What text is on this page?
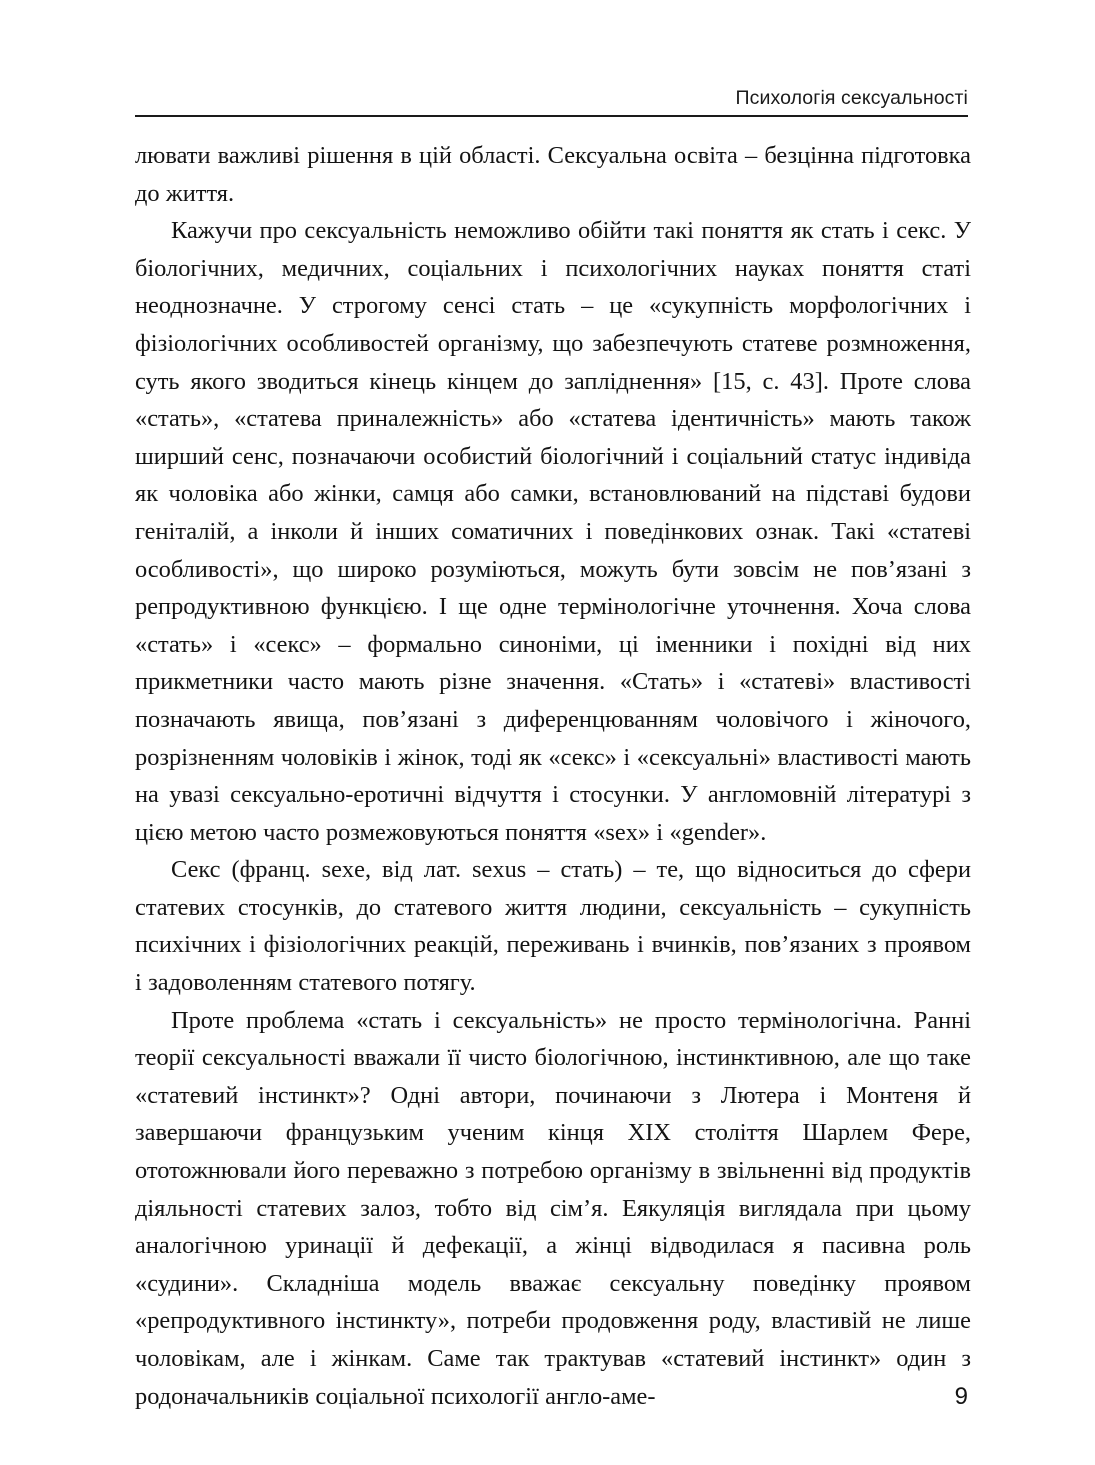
Психологія сексуальності

лювати важливі рішення в цій області. Сексуальна освіта – безцінна підготовка до життя.

Кажучи про сексуальність неможливо обійти такі поняття як стать і секс. У біологічних, медичних, соціальних і психологічних науках поняття статі неоднозначне. У строгому сенсі стать – це «сукупність морфологічних і фізіологічних особливостей організму, що забезпечують статеве розмноження, суть якого зводиться кінець кінцем до запліднення» [15, с. 43]. Проте слова «стать», «статева приналежність» або «статева ідентичність» мають також ширший сенс, позначаючи особистий біологічний і соціальний статус індивіда як чоловіка або жінки, самця або самки, встановлюваний на підставі будови геніталій, а інколи й інших соматичних і поведінкових ознак. Такі «статеві особливості», що широко розуміються, можуть бути зовсім не пов’язані з репродуктивною функцією. І ще одне термінологічне уточнення. Хоча слова «стать» і «секс» – формально синоніми, ці іменники і похідні від них прикметники часто мають різне значення. «Стать» і «статеві» властивості позначають явища, пов’язані з диференцюванням чоловічого і жіночого, розрізненням чоловіків і жінок, тоді як «секс» і «сексуальні» властивості мають на увазі сексуально-еротичні відчуття і стосунки. У англомовній літературі з цією метою часто розмежовуються поняття «sex» і «gender».

Секс (франц. sexe, від лат. sexus – стать) – те, що відноситься до сфери статевих стосунків, до статевого життя людини, сексуальність – сукупність психічних і фізіологічних реакцій, переживань і вчинків, пов’язаних з проявом і задоволенням статевого потягу.

Проте проблема «стать і сексуальність» не просто термінологічна. Ранні теорії сексуальності вважали її чисто біологічною, інстинктивною, але що таке «статевий інстинкт»? Одні автори, починаючи з Лютера і Монтеня й завершаючи французьким ученим кінця XIX століття Шарлем Фере, ототожнювали його переважно з потребою організму в звільненні від продуктів діяльності статевих залоз, тобто від сім’я. Еякуляція виглядала при цьому аналогічною уринації й дефекації, а жінці відводилася я пасивна роль «судини». Складніша модель вважає сексуальну поведінку проявом «репродуктивного інстинкту», потреби продовження роду, властивій не лише чоловікам, але і жінкам. Саме так трактував «статевий інстинкт» один з родоначальників соціальної психології англо-аме-	9
